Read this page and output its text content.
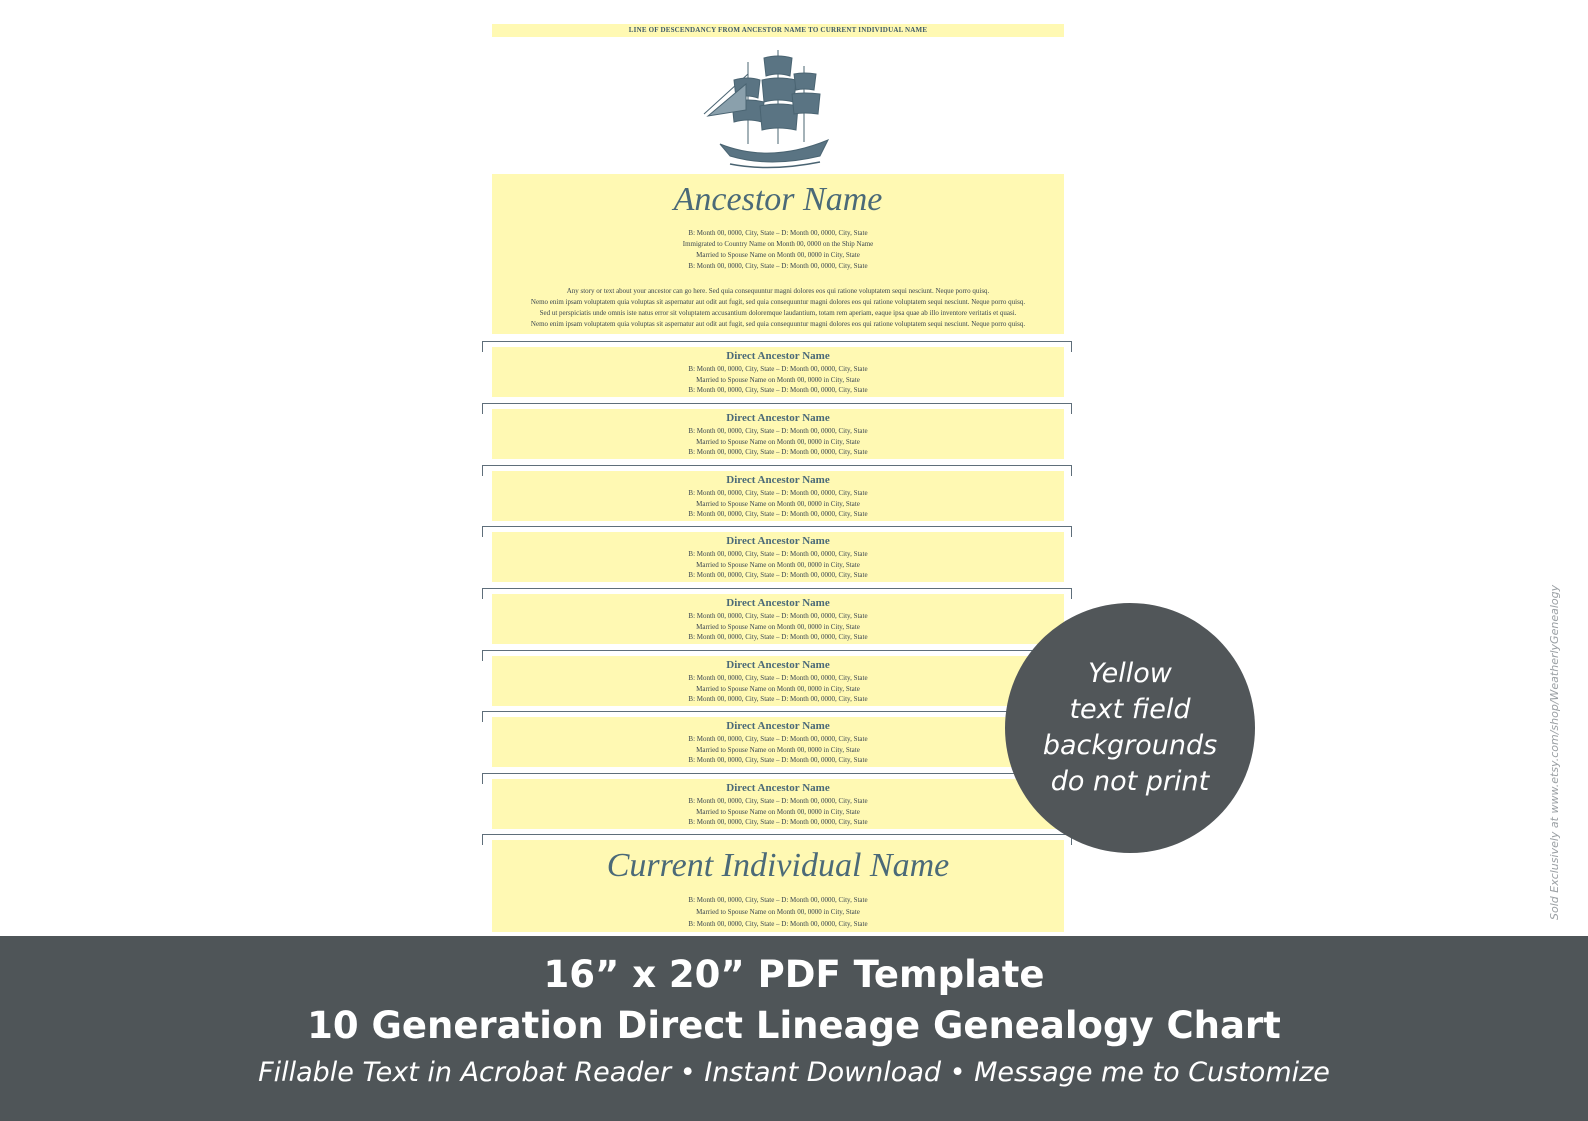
LINE OF DESCENDANCY FROM ANCESTOR NAME TO CURRENT INDIVIDUAL NAME
Ancestor Name
B: Month 00, 0000, City, State – D: Month 00, 0000, City, State
Immigrated to Country Name on Month 00, 0000 on the Ship Name
Married to Spouse Name on Month 00, 0000 in City, State
B: Month 00, 0000, City, State – D: Month 00, 0000, City, State
Any story or text about your ancestor can go here. Sed quia consequuntur magni dolores eos qui ratione voluptatem sequi nesciunt. Neque porro quisq.
Nemo enim ipsam voluptatem quia voluptas sit aspernatur aut odit aut fugit, sed quia consequuntur magni dolores eos qui ratione voluptatem sequi nesciunt. Neque porro quisq.
Sed ut perspiciatis unde omnis iste natus error sit voluptatem accusantium doloremque laudantium, totam rem aperiam, eaque ipsa quae ab illo inventore veritatis et quasi.
Nemo enim ipsam voluptatem quia voluptas sit aspernatur aut odit aut fugit, sed quia consequuntur magni dolores eos qui ratione voluptatem sequi nesciunt. Neque porro quisq.
Direct Ancestor Name
B: Month 00, 0000, City, State – D: Month 00, 0000, City, State
Married to Spouse Name on Month 00, 0000 in City, State
B: Month 00, 0000, City, State – D: Month 00, 0000, City, State
Direct Ancestor Name
B: Month 00, 0000, City, State – D: Month 00, 0000, City, State
Married to Spouse Name on Month 00, 0000 in City, State
B: Month 00, 0000, City, State – D: Month 00, 0000, City, State
Direct Ancestor Name
B: Month 00, 0000, City, State – D: Month 00, 0000, City, State
Married to Spouse Name on Month 00, 0000 in City, State
B: Month 00, 0000, City, State – D: Month 00, 0000, City, State
Direct Ancestor Name
B: Month 00, 0000, City, State – D: Month 00, 0000, City, State
Married to Spouse Name on Month 00, 0000 in City, State
B: Month 00, 0000, City, State – D: Month 00, 0000, City, State
Direct Ancestor Name
B: Month 00, 0000, City, State – D: Month 00, 0000, City, State
Married to Spouse Name on Month 00, 0000 in City, State
B: Month 00, 0000, City, State – D: Month 00, 0000, City, State
Direct Ancestor Name
B: Month 00, 0000, City, State – D: Month 00, 0000, City, State
Married to Spouse Name on Month 00, 0000 in City, State
B: Month 00, 0000, City, State – D: Month 00, 0000, City, State
Direct Ancestor Name
B: Month 00, 0000, City, State – D: Month 00, 0000, City, State
Married to Spouse Name on Month 00, 0000 in City, State
B: Month 00, 0000, City, State – D: Month 00, 0000, City, State
Direct Ancestor Name
B: Month 00, 0000, City, State – D: Month 00, 0000, City, State
Married to Spouse Name on Month 00, 0000 in City, State
B: Month 00, 0000, City, State – D: Month 00, 0000, City, State
Current Individual Name
B: Month 00, 0000, City, State – D: Month 00, 0000, City, State
Married to Spouse Name on Month 00, 0000 in City, State
B: Month 00, 0000, City, State – D: Month 00, 0000, City, State
Yellow
text field
backgrounds
do not print	Sold Exclusively at www.etsy.com/shop/WeatherlyGenealogy
16” x 20” PDF Template
10 Generation Direct Lineage Genealogy Chart
Fillable Text in Acrobat Reader • Instant Download • Message me to Customize
